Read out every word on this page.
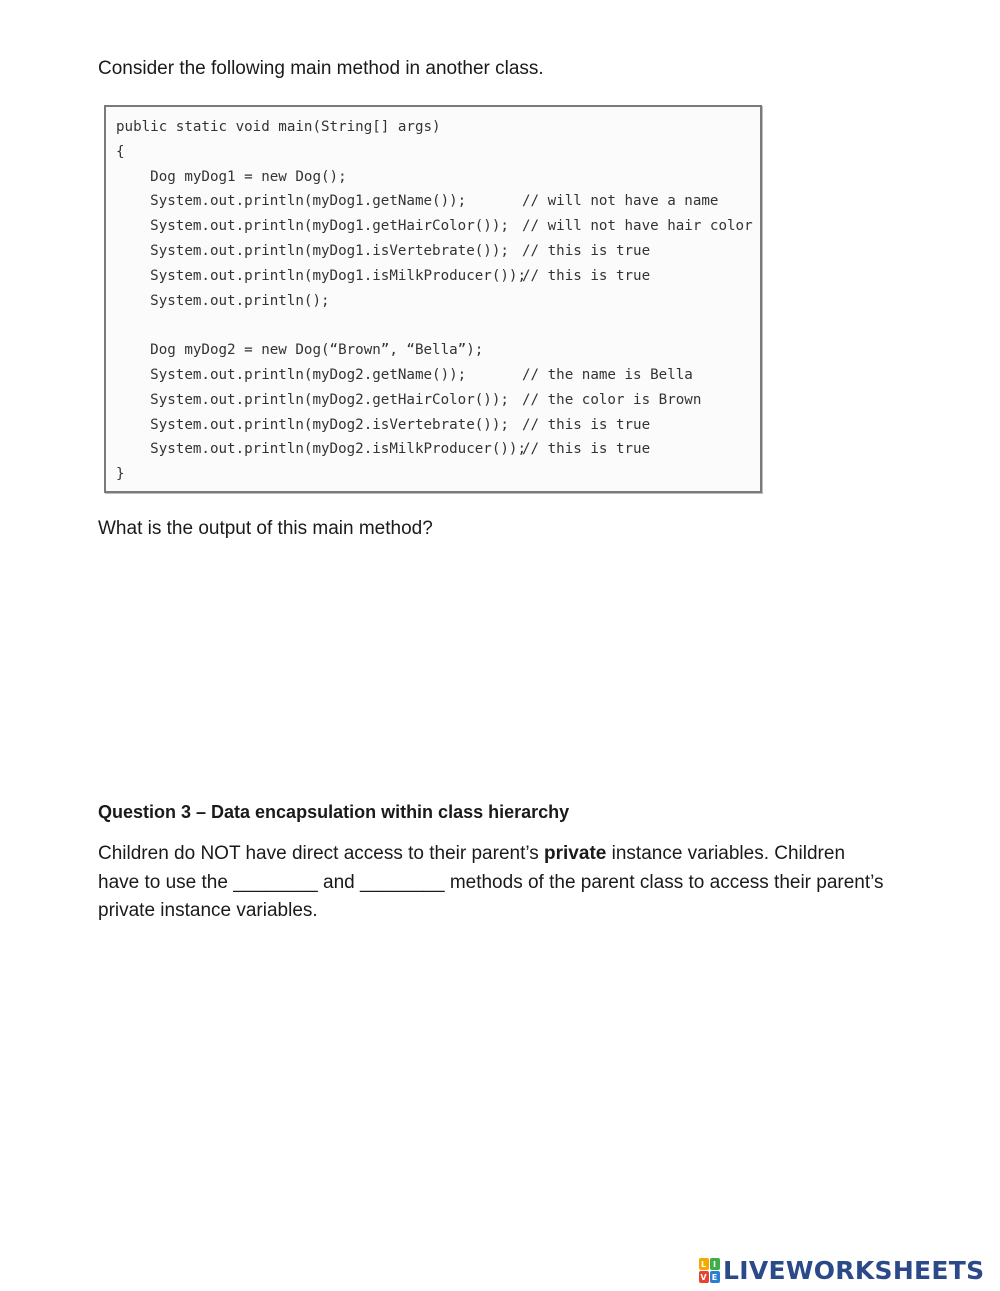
Consider the following main method in another class.

public static void main(String[] args)
{
Dog myDog1 = new Dog();
System.out.println(myDog1.getName());	// will not have a name
System.out.println(myDog1.getHairColor()); // will not have hair color
System.out.println(myDog1.isVertebrate()); // this is true
System.out.println(myDog1.isMilkProducer());
// this is true
System.out.println();
Dog myDog2 = new Dog(“Brown”, “Bella”);
System.out.println(myDog2.getName());	// the name is Bella
System.out.println(myDog2.getHairColor()); // the color is Brown
System.out.println(myDog2.isVertebrate()); // this is true
System.out.println(myDog2.isMilkProducer());
// this is true
}

What is the output of this main method?

Question 3 – Data encapsulation within class hierarchy

Children do NOT have direct access to their parent’s private instance variables. Children have to use the ________ and ________ methods of the parent class to access their parent’s private instance variables.

L I
V E LIVEWORKSHEETS
